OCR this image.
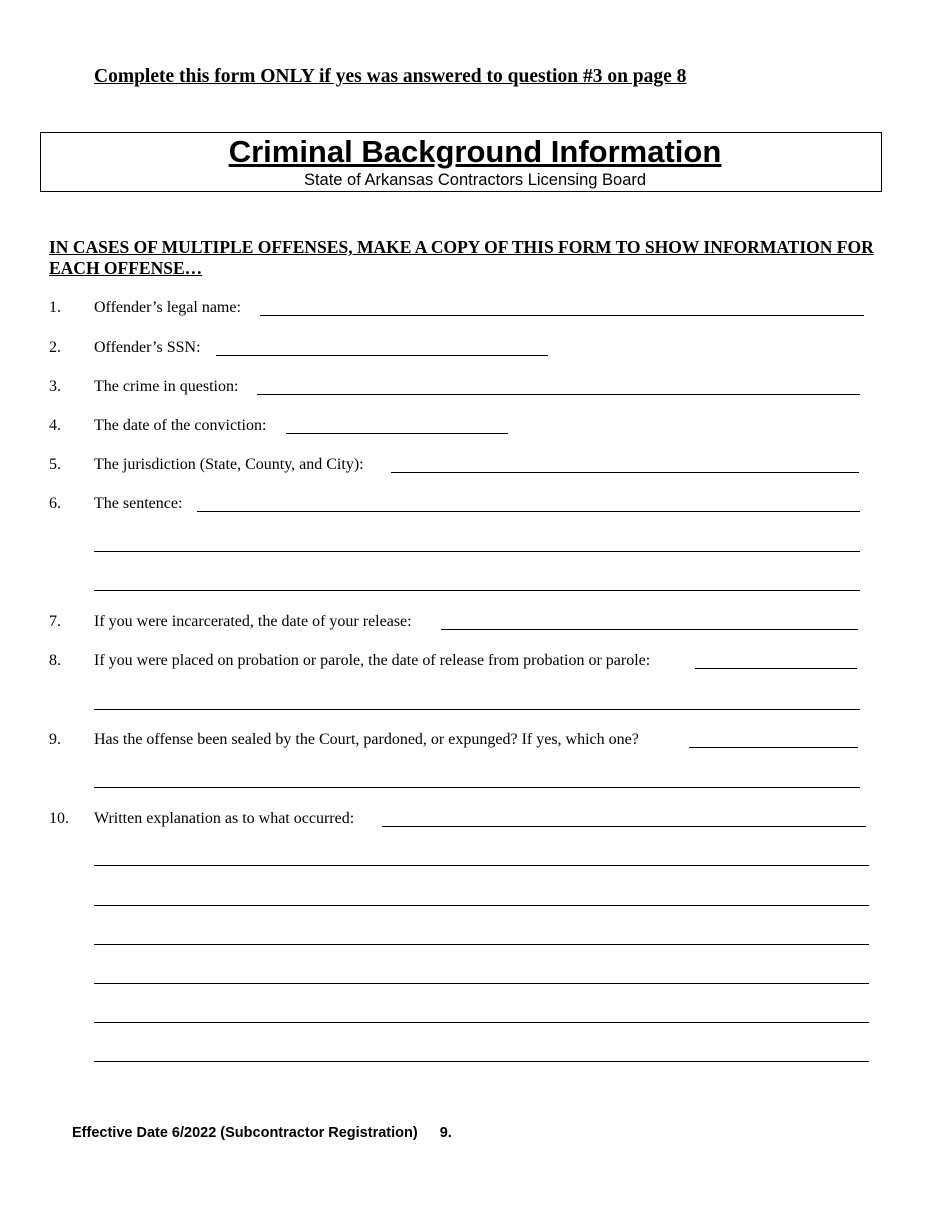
Complete this form ONLY if yes was answered to question #3 on page 8
Criminal Background Information
State of Arkansas Contractors Licensing Board
IN CASES OF MULTIPLE OFFENSES, MAKE A COPY OF THIS FORM TO SHOW INFORMATION FOR EACH OFFENSE…
1. Offender’s legal name:
2. Offender’s SSN:
3. The crime in question:
4. The date of the conviction:
5. The jurisdiction (State, County, and City):
6. The sentence:
7. If you were incarcerated, the date of your release:
8. If you were placed on probation or parole, the date of release from probation or parole:
9. Has the offense been sealed by the Court, pardoned, or expunged? If yes, which one?
10. Written explanation as to what occurred:
Effective Date 6/2022 (Subcontractor Registration) 9.
